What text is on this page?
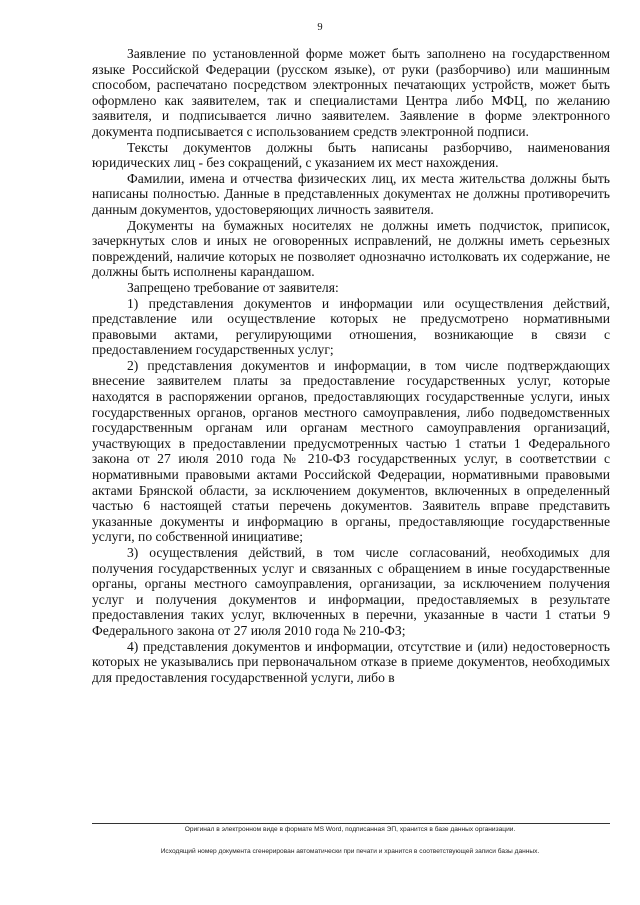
9

Заявление по установленной форме может быть заполнено на государственном языке Российской Федерации (русском языке), от руки (разборчиво) или машинным способом, распечатано посредством электронных печатающих устройств, может быть оформлено как заявителем, так и специалистами Центра либо МФЦ, по желанию заявителя, и подписывается лично заявителем. Заявление в форме электронного документа подписывается с использованием средств электронной подписи.

Тексты документов должны быть написаны разборчиво, наименования юридических лиц - без сокращений, с указанием их мест нахождения.

Фамилии, имена и отчества физических лиц, их места жительства должны быть написаны полностью. Данные в представленных документах не должны противоречить данным документов, удостоверяющих личность заявителя.

Документы на бумажных носителях не должны иметь подчисток, приписок, зачеркнутых слов и иных не оговоренных исправлений, не должны иметь серьезных повреждений, наличие которых не позволяет однозначно истолковать их содержание, не должны быть исполнены карандашом.

Запрещено требование от заявителя:

1) представления документов и информации или осуществления действий, представление или осуществление которых не предусмотрено нормативными правовыми актами, регулирующими отношения, возникающие в связи с предоставлением государственных услуг;

2) представления документов и информации, в том числе подтверждающих внесение заявителем платы за предоставление государственных услуг, которые находятся в распоряжении органов, предоставляющих государственные услуги, иных государственных органов, органов местного самоуправления, либо подведомственных государственным органам или органам местного самоуправления организаций, участвующих в предоставлении предусмотренных частью 1 статьи 1 Федерального закона от 27 июля 2010 года № 210-ФЗ государственных услуг, в соответствии с нормативными правовыми актами Российской Федерации, нормативными правовыми актами Брянской области, за исключением документов, включенных в определенный частью 6 настоящей статьи перечень документов. Заявитель вправе представить указанные документы и информацию в органы, предоставляющие государственные услуги, по собственной инициативе;

3) осуществления действий, в том числе согласований, необходимых для получения государственных услуг и связанных с обращением в иные государственные органы, органы местного самоуправления, организации, за исключением получения услуг и получения документов и информации, предоставляемых в результате предоставления таких услуг, включенных в перечни, указанные в части 1 статьи 9 Федерального закона от 27 июля 2010 года № 210-ФЗ;

4) представления документов и информации, отсутствие и (или) недостоверность которых не указывались при первоначальном отказе в приеме документов, необходимых для предоставления государственной услуги, либо в

Оригинал в электронном виде в формате MS Word, подписанная ЭП, хранится в базе данных организации.
Исходящий номер документа сгенерирован автоматически при печати и хранится в соответствующей записи базы данных.
